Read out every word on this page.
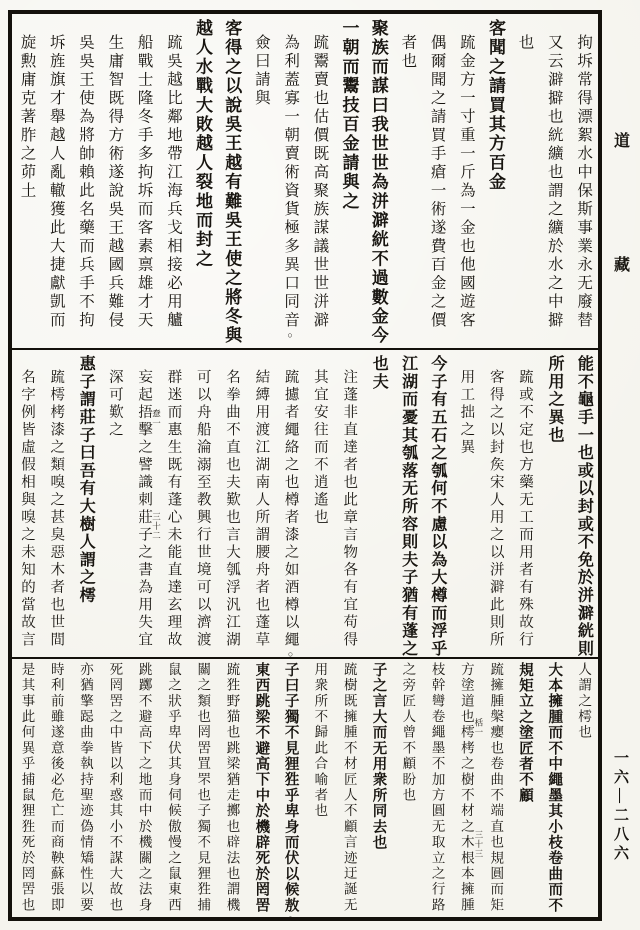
拘坼常得漂絮水中保斯事業永无廢替
又云澼擗也絖纊也謂之纊於水之中擗
也
客聞之請買其方百金
䟽金方一寸重一斤為一金也他國遊客
偶爾聞之請買手瘡一術遂費百金之價
者也
聚族而謀曰我世世為洴澼絖不過數金今
一朝而鬻技百金請與之
䟽鬻賣也估價既高聚族謀議世世洴澼
為利蓋寡一朝賣術資貨極多異口同音○
僉曰請與
客得之以說吳王越有難吳王使之將冬與
越人水戰大敗越人裂地而封之
䟽吳越比鄰地帶江海兵戈相接必用艫
船戰士隆冬手多拘坼而客素禀雄才天
生庸智既得方術遂說吳王越國兵難侵
吳吳王使為將帥賴此名藥而兵手不拘
坼旌旗才舉越人亂轍獲此大捷獻凱而
旋勲庸克著胙之茆土
能不龜手一也或以封或不免於洴澼絖則
所用之異也
䟽或不定也方藥无工而用者有殊故行
客得之以封矦宋人用之以洴澼此則所
用工拙之異
今子有五石之瓠何不慮以為大樽而浮乎
江湖而憂其瓠落无所容則夫子猶有蓬之
也夫
注蓬非直達者也此章言物各有宜苟得
其宜安往而不逍遙也
䟽攄者繩絡之也樽者漆之如酒樽以繩○
結縛用渡江湖南人所謂腰舟者也蓬草
名拳曲不直也夫歎也言大瓠浮汎江湖
可以舟船淪溺至教興行世境可以濟渡
群迷而惠生既有蓬心未能直達玄理故
妄起捂擊之譬識刺莊子之書為用失宜 惷一
三十二
深可歎之
惠子謂莊子曰吾有大樹人謂之樗
䟽樗栲漆之類嗅之甚臭惡木者也世間
名字例皆虛假相與嗅之未知的當故言
人謂之樗也
大本擁腫而不中繩墨其小枝卷曲而不
規矩立之塗匠者不顧
䟽擁腫槃癭也卷曲不端直也規圓而矩
方塗道也樗栲之樹不材之木根本擁腫 栝一
三十三
枝幹彎卷繩墨不加方圓无取立之行路
之旁匠人曾不顧盼也
子之言大而无用衆所同去也
䟽樹既擁腫不材匠人不顧言迹迂誕无
用衆所不歸此合喻者也
子曰子獨不見狸狌乎卑身而伏以候敖○
東西跳梁不避高下中於機辟死於罔罟
䟽狌野猫也跳梁猶走擲也辟法也謂機
關之類也罔罟罝罘也子獨不見狸狌捕
鼠之狀乎卑伏其身伺候傲慢之鼠東西
跳躑不避高下之地而中於機關之法身
死罔罟之中皆以利惑其小不謀大故也
亦猶擎跽曲拳執持聖迹偽情矯性以要
時利前雖遂意後必危亡而商鞅蘇張即
是其事此何異乎捕鼠狸狌死於罔罟也
道
藏
一六—二八六
